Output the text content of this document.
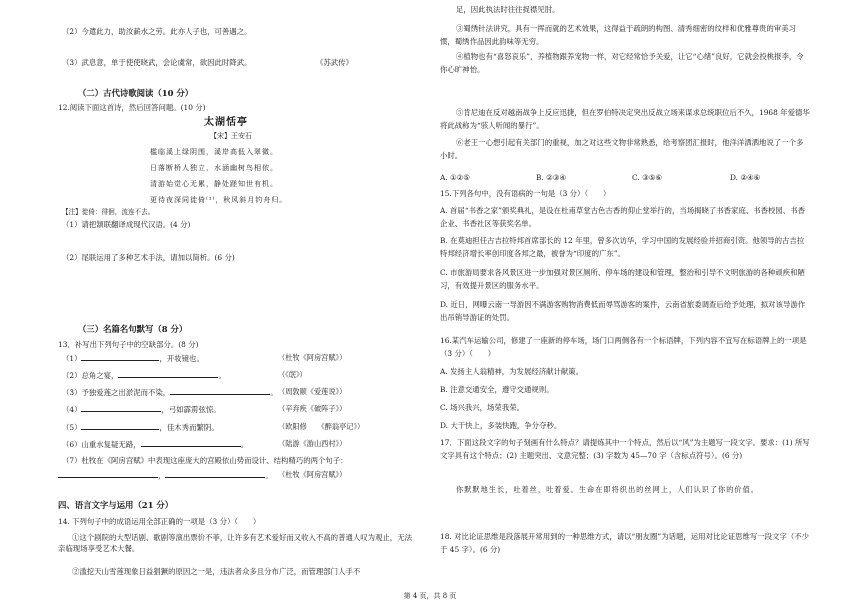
（2）今遣此力，助汝薪水之劳。此亦人子也，可善遇之。
（3）武息意，单于使使晓武，会论虞常，欲因此时降武。	《苏武传》
（二）古代诗歌阅读（10 分）
12.阅读下面这首诗，然后回答问题。(10 分)
太湖恬亭
【宋】王安石
槛临溪上绿阴围，溪岸高低入翠微。
日落断桥人独立，水涵幽树鸟相依。
清游始觉心无累，静处蹉知世有机。
更待夜深同徙倚⁽¹⁾，秋风斜月钓舟归。
【注】徙倚：徘徊，流连不去。
（1）请把颔联翻译成现代汉语。(4 分)
（2）尾联运用了多种艺术手法，请加以简析。(6 分)
（三）名篇名句默写（8 分）
13．补写出下列句子中的空缺部分。(8 分)
（1）	，开妆镜也。	（杜牧《阿房宫赋》）
（2）总角之宴，	。	（《氓》）
（3）予独爱莲之出淤泥而不染，	。 （周敦颐《爱莲说》）
（4）	，弓如霹雳弦惊。	（辛弃疾《破阵子》）
（5）	，佳木秀而繁阴。	（欧阳修　　《醉翁亭记》）
（6）山重水复疑无路，	。	（陆游《游山西村》）
（7）杜牧在《阿房宫赋》中表现这座庞大的宫殿依山势而设计、结构精巧的两个句子：
，	。 （杜牧《阿房宫赋》）
四、语言文字与运用（21 分）
14. 下列句子中的成语运用全部正确的一项是（3 分）（　　）
①这个剧院的大型话剧、歌剧等演出票价不菲，让许多有艺术爱好而又收入不高的普通人叹为观止，无法亲临现场享受艺术大餐。
②滥挖天山雪莲现象日益猖獗的原因之一是，违法者众多且分布广泛，而管理部门人手不
足，因此执法时往往捉襟见肘。
③蜀绣针法讲究，具有一挥而就的艺术效果，这得益于疏朗的构图、清秀细密的纹样和优雅尊贵的审美习惯，蜀绣作品因此韵味等无穷。
④植物也有“喜怒哀乐”，养植物跟养宠物一样，对它经常恰予关爱，让它“心绪”良好，它就会投桃报李，令你心旷神怡。
⑤肯尼迪在反对越南战争上反应迅捷，但在罗伯特决定突出反战立场来谋求总统职位后不久，1968 年爱德华将此战称为“骇人听闻的暴行”。
⑥老王一心想引起有关部门的重视，加之对这些文物非常熟悉，给考察团汇报时，他洋洋洒洒地说了一个多小时。
A. ①②⑤	B. ②③④	C. ③⑤⑥	D. ②④⑥
15.下列各句中，没有语病的一句是（3 分）（　　）
A. 首届“书香之家”颁奖典礼，是设在杜甫草堂古色古香的仰止堂举行的，当场揭晓了书香家庭、书香校园、书香企业、书香社区等获奖名单。
B. 在莫迪担任古吉拉特邦首席部长的 12 年里，曾多次访华，学习中国的发展经验并招商引资。他领导的古吉拉特邦经济增长率创印度各邦之最，被誉为“印度的广东”。
C. 市旅游局要求各风景区进一步加强对景区厕所、停车场的建设和管理，整治和引导不文明旅游的各种顽疾和陋习，有效提升景区的服务水平。
D. 近日，网曝云南一导游因不满游客购物消费低而辱骂游客的案件，云南省旅委调查后给予处理，拟对该导游作出吊销导游证的处罚。
16.某汽车运输公司，修建了一座新的停车场，场门口两侧各有一个标语牌，下列内容不宜写在标语牌上的一项是（3 分）（　　）
A. 发扬主人翁精神，为发展经济献计献策。
B. 注意交通安全，遵守交通规则。
C. 场兴我兴，场荣我荣。
D. 大干快上，多装快跑，争分夺秒。
17．下面这段文字的句子刻画有什么特点？请提炼其中一个特点，然后以“风”为主题写一段文字。要求：(1) 所写文字具有这个特点；(2) 主题突出、文意完整；(3) 字数为 45—70 字（含标点符号）。(6 分)
你默默地生长，吐着丝，吐着爱。生命在即将织出的丝网上，人们认识了你的价值。
18. 对比论证思维是段落展开常用到的一种思维方式，请以“朋友圈”为话题，运用对比论证思维写一段文字（不少于 45 字）。(6 分)
第 4 页，共 8 页
